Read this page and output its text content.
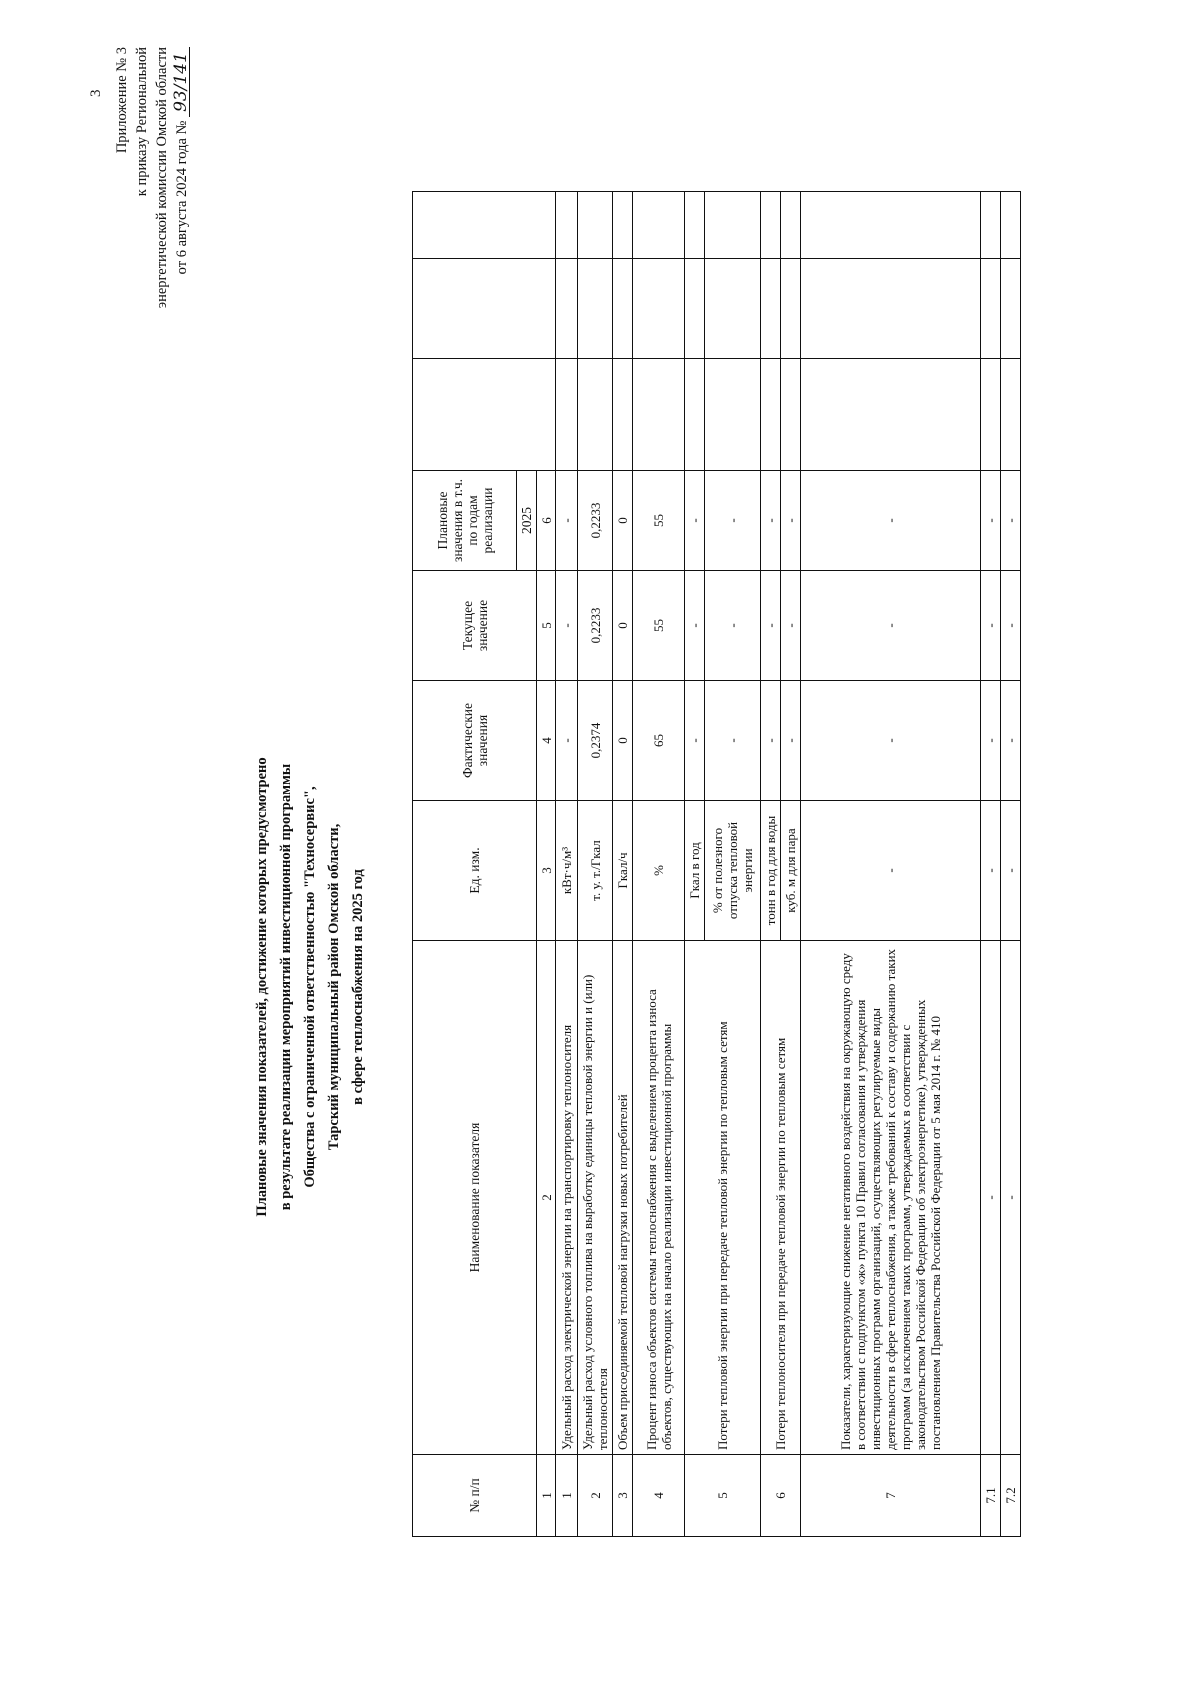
3 Приложение № 3 к приказу Региональной энергетической комиссии Омской области от 6 августа 2024 года № 93/141
Плановые значения показателей, достижение которых предусмотрено в результате реализации мероприятий инвестиционной программы Общества с ограниченной ответственностью "Техносервис", Тарский муниципальный район Омской области, в сфере теплоснабжения на 2025 год
№ п/п	Наименование показателя	Ед. изм.	Фактические значения	Текущее значение	Плановые значения в т.ч. по годам реализации			
					2025			
1	2	3	4	5	6			
1	Удельный расход электрической энергии на транспортировку теплоносителя	кВт·ч/м³	-	-	-			
2	Удельный расход условного топлива на выработку единицы тепловой энергии и (или) теплоносителя	т. у. т./Гкал	0,2374	0,2233	0,2233			
3	Объем присоединяемой тепловой нагрузки новых потребителей	Гкал/ч	0	0	0			
4	Процент износа объектов системы теплоснабжения с выделением процента износа объектов, существующих на начало реализации инвестиционной программы	%	65	55	55			
5	Потери тепловой энергии при передаче тепловой энергии по тепловым сетям	Гкал в год	-	-	-			
		% от полезного отпуска тепловой энергии	-	-	-			
6	Потери теплоносителя при передаче тепловой энергии по тепловым сетям	тонн в год для воды	-	-	-			
		куб. м для пара	-	-	-			
7	Показатели, характеризующие снижение негативного воздействия на окружающую среду в соответствии с подпунктом «ж» пункта 10 Правил согласования и утверждения инвестиционных программ организаций, осуществляющих регулируемые виды деятельности в сфере теплоснабжения, а также требований к составу и содержанию таких программ (за исключением таких программ, утверждаемых в соответствии с законодательством Российской Федерации об электроэнергетике), утвержденных постановлением Правительства Российской Федерации от 5 мая 2014 г. № 410	-	-	-	-			
7.1	-	-	-	-	-			
7.2	-	-	-	-	-			
